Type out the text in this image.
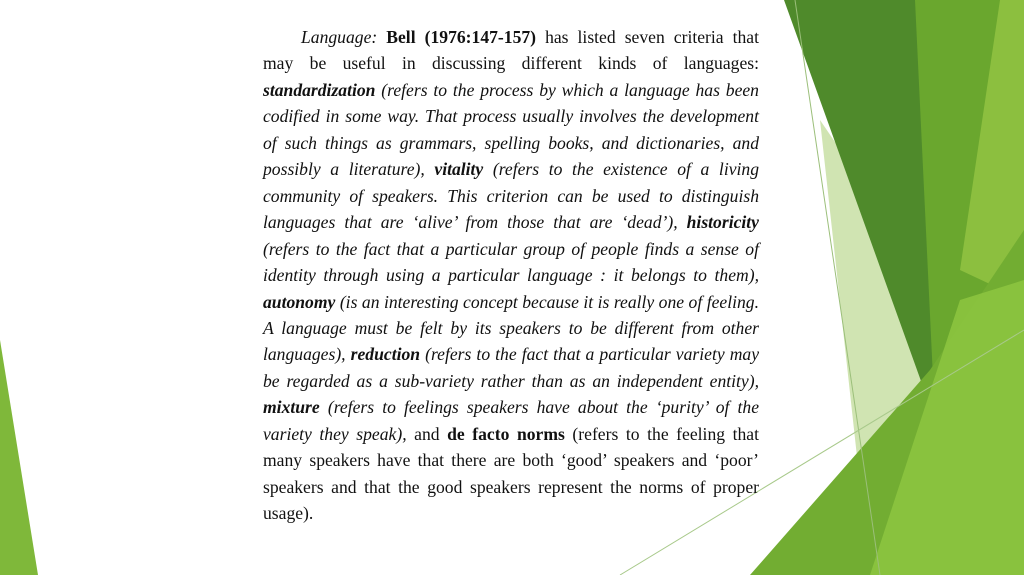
Language: Bell (1976:147-157) has listed seven criteria that may be useful in discussing different kinds of languages: standardization (refers to the process by which a language has been codified in some way. That process usually involves the development of such things as grammars, spelling books, and dictionaries, and possibly a literature), vitality (refers to the existence of a living community of speakers. This criterion can be used to distinguish languages that are ‘alive’ from those that are ‘dead’), historicity (refers to the fact that a particular group of people finds a sense of identity through using a particular language : it belongs to them), autonomy (is an interesting concept because it is really one of feeling. A language must be felt by its speakers to be different from other languages), reduction (refers to the fact that a particular variety may be regarded as a sub-variety rather than as an independent entity), mixture (refers to feelings speakers have about the ‘purity’ of the variety they speak), and de facto norms (refers to the feeling that many speakers have that there are both ‘good’ speakers and ‘poor’ speakers and that the good speakers represent the norms of proper usage).
